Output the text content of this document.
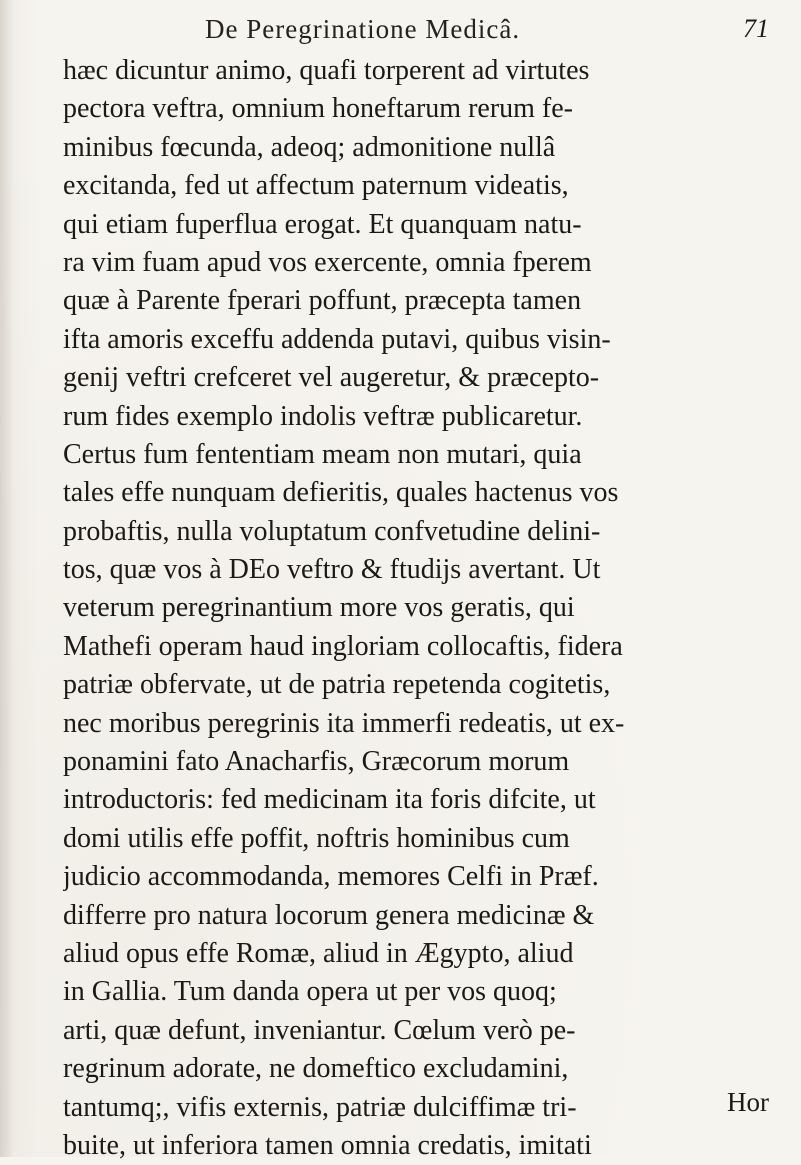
De Peregrinatione Medicâ.	71
hæc dicuntur animo, quafi torperent ad virtutes
pectora veftra, omnium honeftarum rerum fe-
minibus fœcunda, adeoq; admonitione nullâ
excitanda, fed ut affectum paternum videatis,
qui etiam fuperflua erogat. Et quanquam natu-
ra vim fuam apud vos exercente, omnia fperem
quæ à Parente fperari poffunt, præcepta tamen
ifta amoris exceffu addenda putavi, quibus visin-
genij veftri crefceret vel augeretur, & præcepto-
rum fides exemplo indolis veftræ publicaretur.
Certus fum fententiam meam non mutari, quia
tales effe nunquam defieritis, quales hactenus vos
probaftis, nulla voluptatum confvetudine delini-
tos, quæ vos à DEo veftro & ftudijs avertant. Ut
veterum peregrinantium more vos geratis, qui
Mathefi operam haud ingloriam collocaftis, fidera
patriæ obfervate, ut de patria repetenda cogitetis,
nec moribus peregrinis ita immerfi redeatis, ut ex-
ponamini fato Anacharfis, Græcorum morum
introductoris: fed medicinam ita foris difcite, ut
domi utilis effe poffit, noftris hominibus cum
judicio accommodanda, memores Celfi in Præf.
differre pro natura locorum genera medicinæ &
aliud opus effe Romæ, aliud in Ægypto, aliud
in Gallia. Tum danda opera ut per vos quoq;
arti, quæ defunt, inveniantur. Cœlum verò pe-
regrinum adorate, ne domeftico excludamini,
tantumq;, vifis externis, patriæ dulciffimæ tri-
buite, ut inferiora tamen omnia credatis, imitati
Hor
